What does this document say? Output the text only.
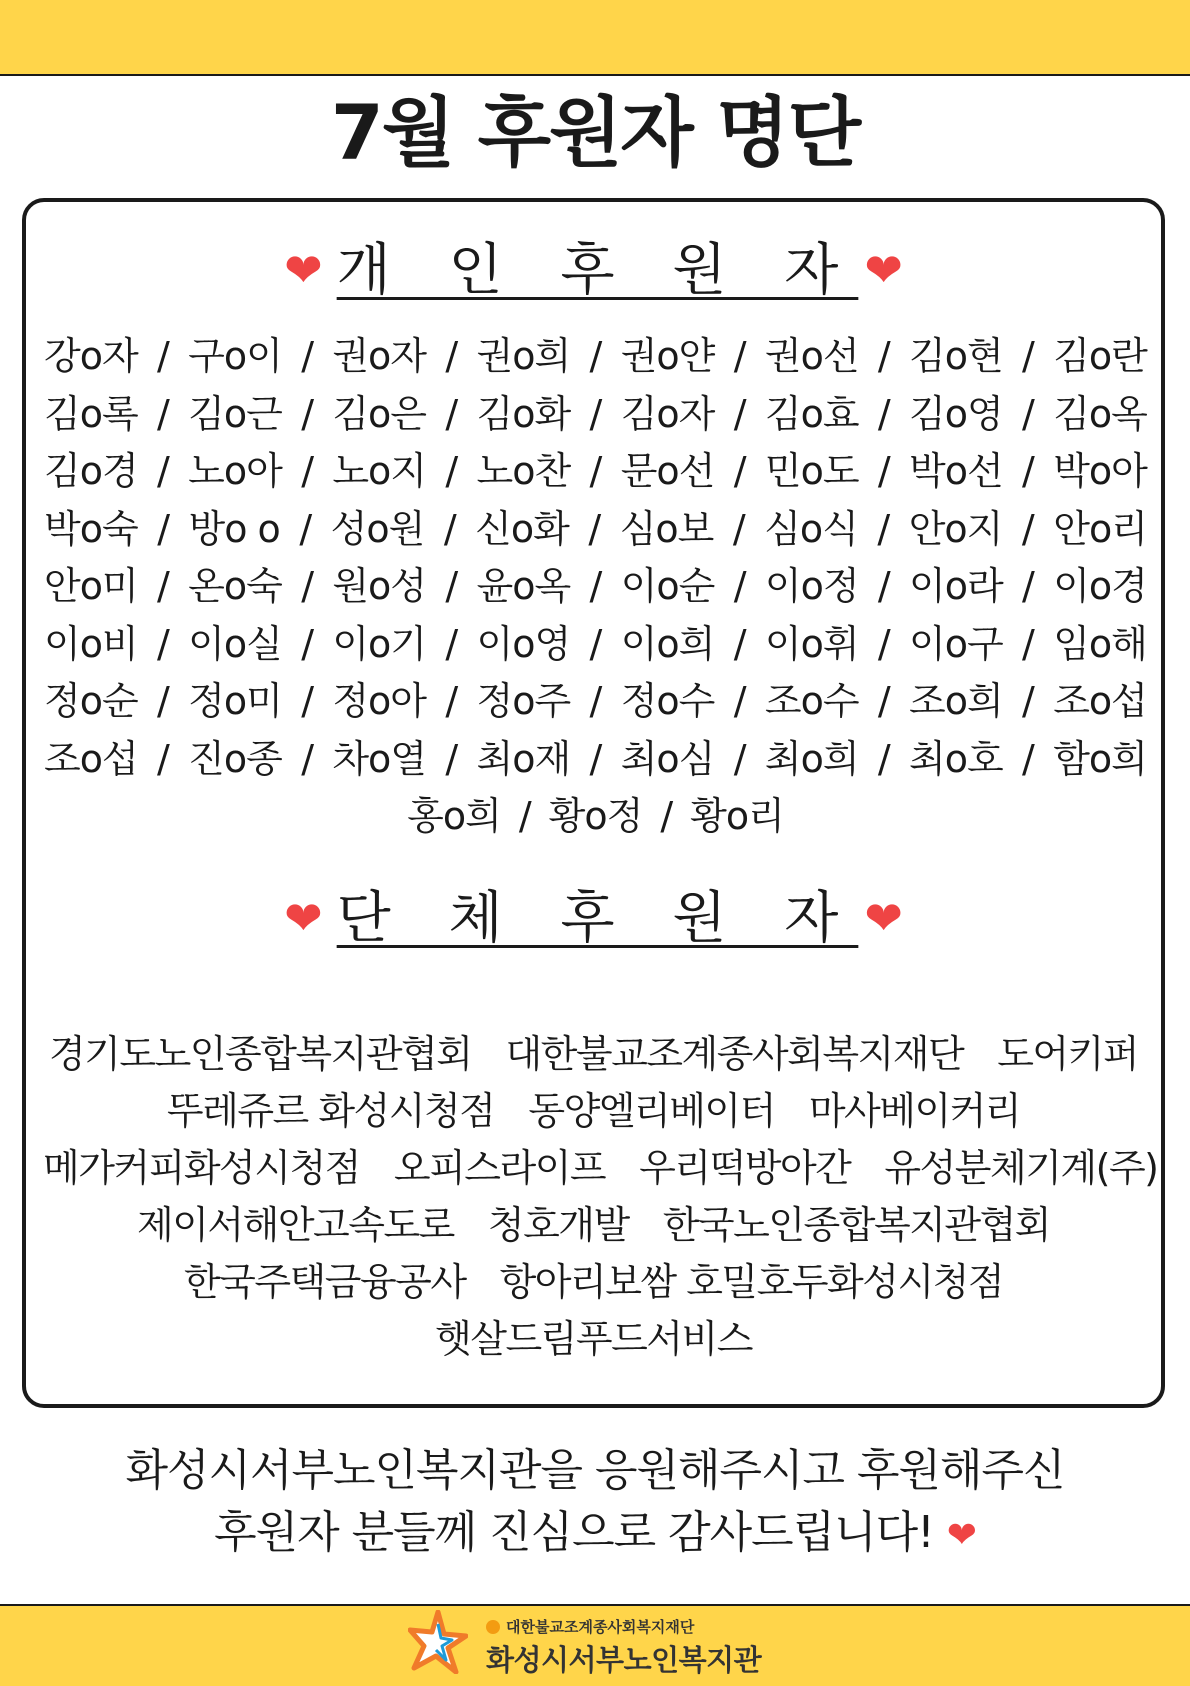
7월 후원자 명단
❤ 개 인 후 원 자 ❤
강o자 / 구o이 / 권o자 / 권o희 / 권o얀 / 권o선 / 김o현 / 김o란
김o록 / 김o근 / 김o은 / 김o화 / 김o자 / 김o효 / 김o영 / 김o옥
김o경 / 노o아 / 노o지 / 노o찬 / 문o선 / 민o도 / 박o선 / 박o아
박o숙 / 방o o / 성o원 / 신o화 / 심o보 / 심o식 / 안o지 / 안o리
안o미 / 온o숙 / 원o성 / 윤o옥 / 이o순 / 이o정 / 이o라 / 이o경
이o비 / 이o실 / 이o기 / 이o영 / 이o희 / 이o휘 / 이o구 / 임o해
정o순 / 정o미 / 정o아 / 정o주 / 정o수 / 조o수 / 조o희 / 조o섭
조o섭 / 진o종 / 차o열 / 최o재 / 최o심 / 최o희 / 최o호 / 함o희
홍o희 / 황o정 / 황o리
❤ 단 체 후 원 자 ❤
경기도노인종합복지관협회 대한불교조계종사회복지재단 도어키퍼
뚜레쥬르 화성시청점 동양엘리베이터 마사베이커리
메가커피화성시청점 오피스라이프 우리떡방아간 유성분체기계(주)
제이서해안고속도로 청호개발 한국노인종합복지관협회
한국주택금융공사 항아리보쌈 호밀호두화성시청점
햇살드림푸드서비스
화성시서부노인복지관을 응원해주시고 후원해주신
후원자 분들께 진심으로 감사드립니다! ❤
대한불교조계종사회복지재단
화성시서부노인복지관
